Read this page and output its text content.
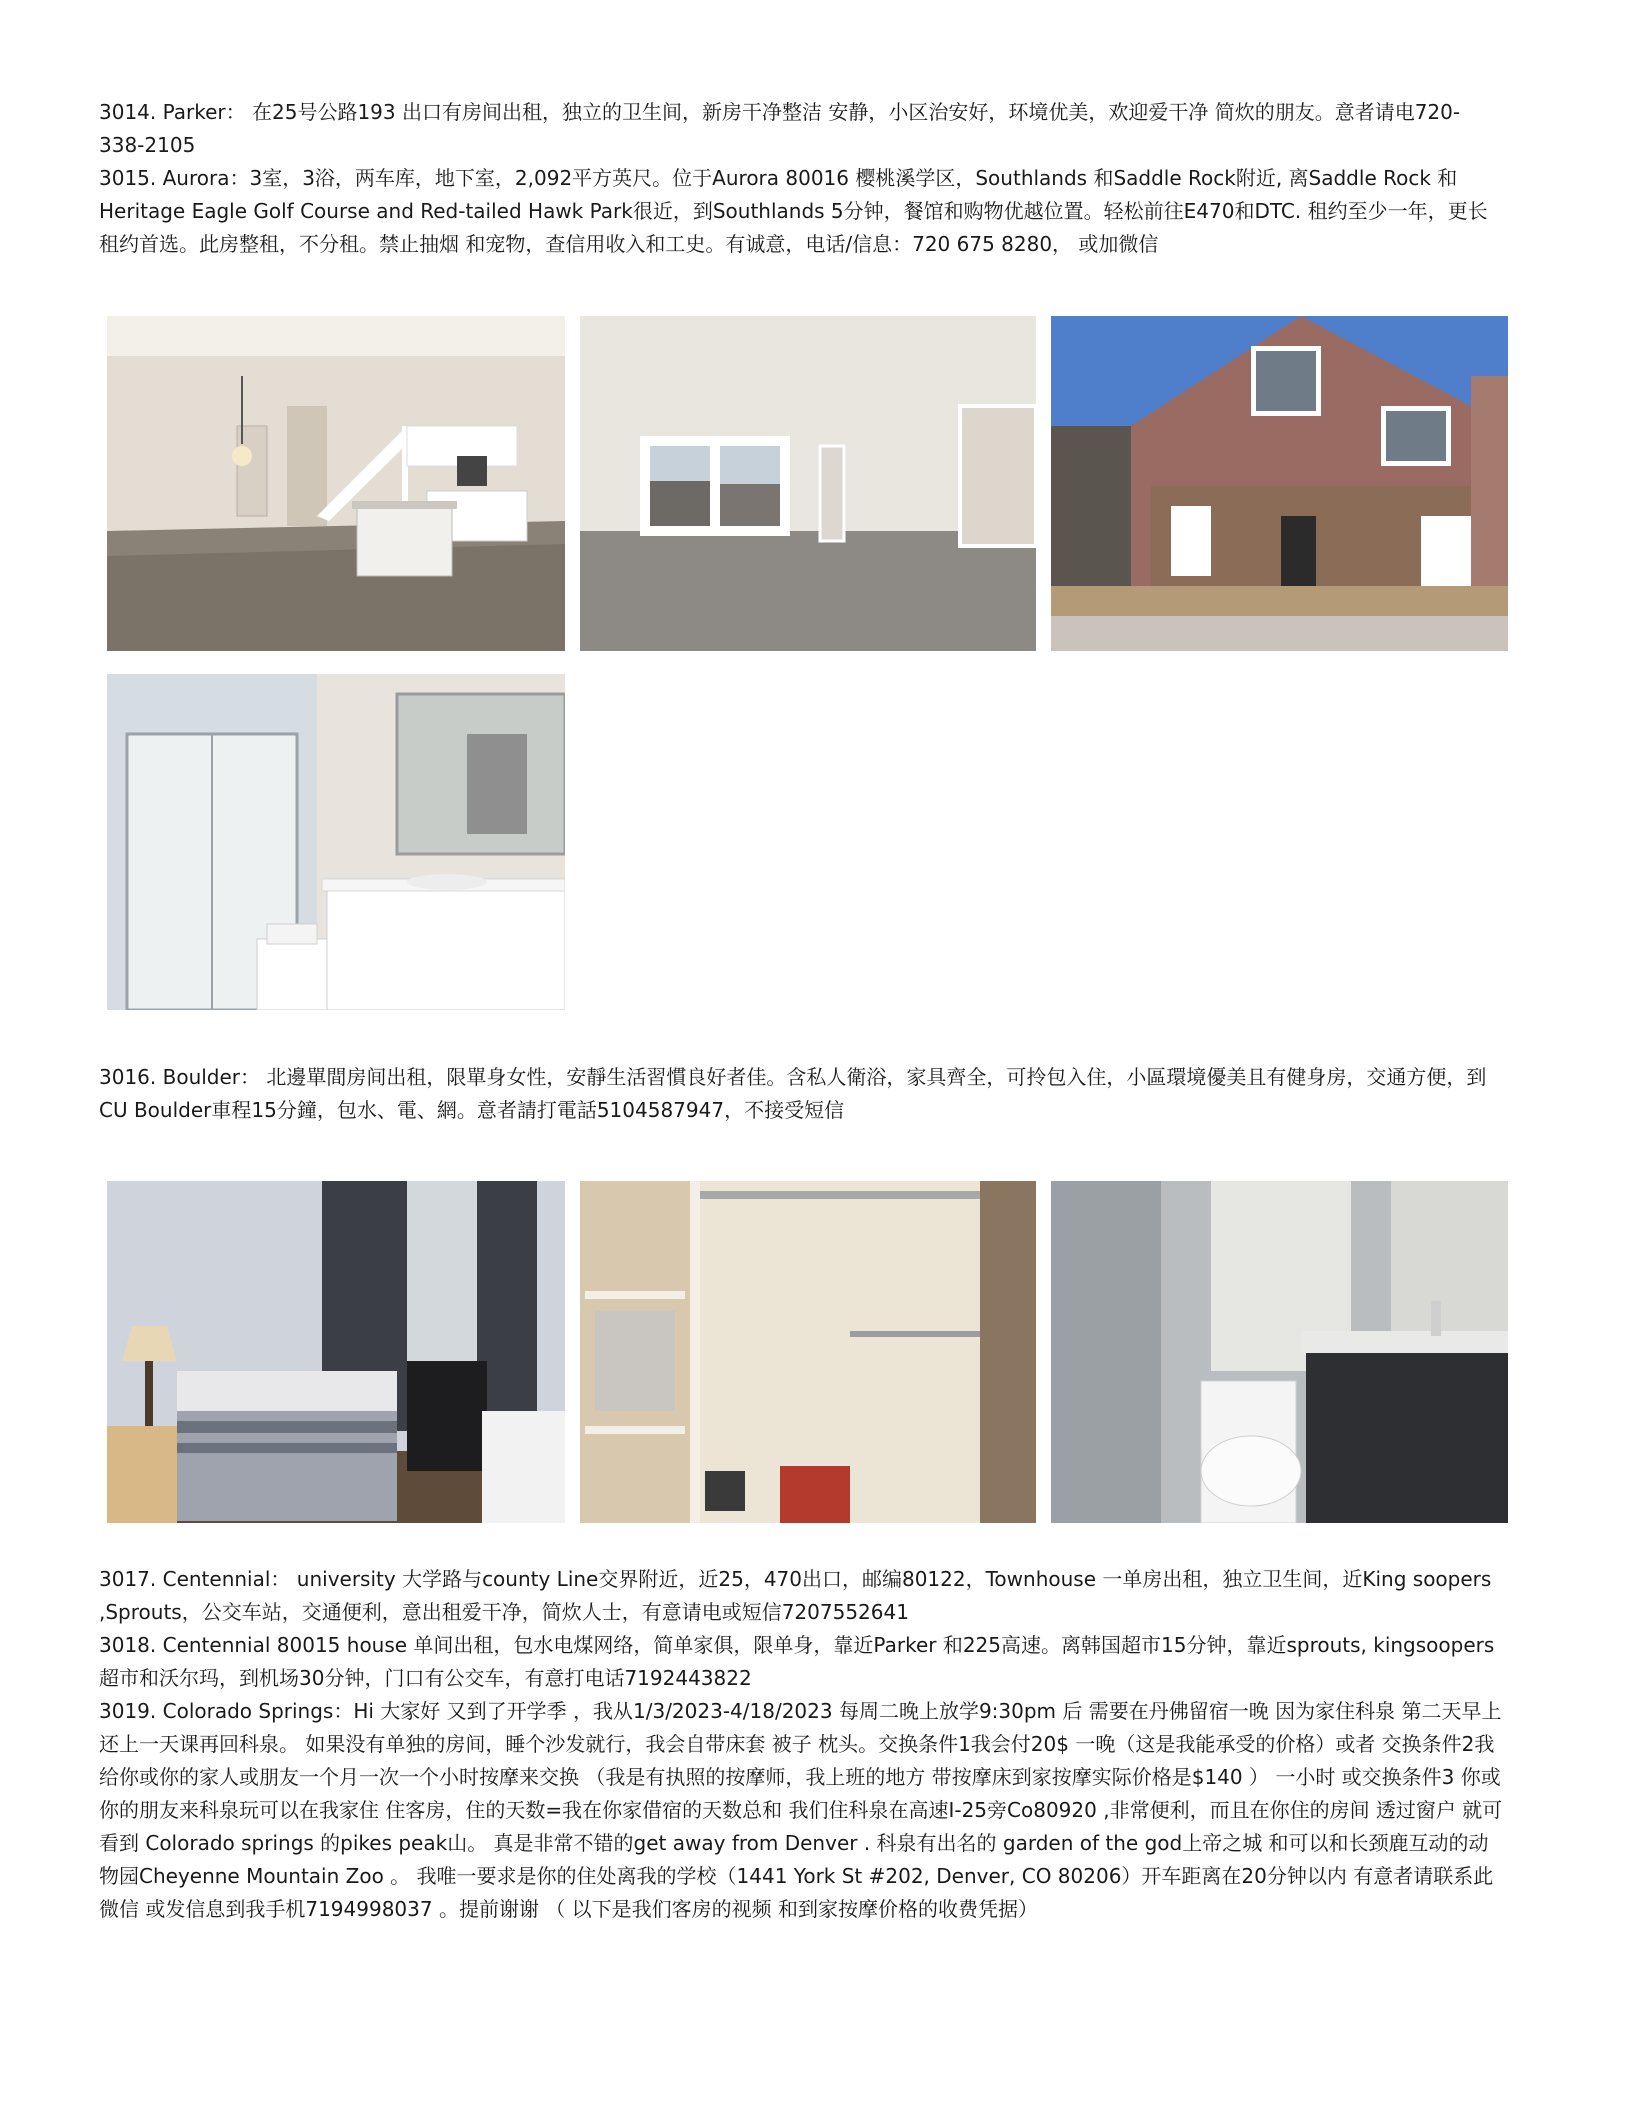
3014. Parker： 在25号公路193 出口有房间出租，独立的卫生间，新房干净整洁 安静，小区治安好，环境优美，欢迎爱干净 简炊的朋友。意者请电720-338-2105

3015. Aurora：3室，3浴，两车库，地下室，2,092平方英尺。位于Aurora 80016 樱桃溪学区，Southlands 和Saddle Rock附近, 离Saddle Rock 和 Heritage Eagle Golf Course and Red-tailed Hawk Park很近，到Southlands 5分钟，餐馆和购物优越位置。轻松前往E470和DTC. 租约至少一年，更长租约首选。此房整租，不分租。禁止抽烟 和宠物，查信用收入和工史。有诚意，电话/信息：720 675 8280， 或加微信

3016. Boulder： 北邊單間房间出租，限單身女性，安靜生活習慣良好者佳。含私人衛浴，家具齊全，可拎包入住，小區環境優美且有健身房，交通方便，到CU Boulder車程15分鐘，包水、電、網。意者請打電話5104587947，不接受短信

3017. Centennial： university 大学路与county Line交界附近，近25，470出口，邮编80122，Townhouse 一单房出租，独立卫生间，近King soopers ,Sprouts，公交车站，交通便利，意出租爱干净，简炊人士，有意请电或短信7207552641

3018. Centennial 80015 house 单间出租，包水电煤网络，简单家俱，限单身，靠近Parker 和225高速。离韩国超市15分钟，靠近sprouts, kingsoopers 超市和沃尔玛，到机场30分钟，门口有公交车，有意打电话7192443822

3019. Colorado Springs：Hi 大家好 又到了开学季 ，我从1/3/2023-4/18/2023 每周二晚上放学9:30pm 后 需要在丹佛留宿一晚 因为家住科泉 第二天早上还上一天课再回科泉。 如果没有单独的房间，睡个沙发就行，我会自带床套 被子 枕头。交换条件1我会付20$ 一晚（这是我能承受的价格）或者 交换条件2我给你或你的家人或朋友一个月一次一个小时按摩来交换 （我是有执照的按摩师，我上班的地方 带按摩床到家按摩实际价格是$140 ） 一小时 或交换条件3 你或你的朋友来科泉玩可以在我家住 住客房，住的天数=我在你家借宿的天数总和 我们住科泉在高速I-25旁Co80920 ,非常便利，而且在你住的房间 透过窗户 就可看到 Colorado springs 的pikes peak山。 真是非常不错的get away from Denver . 科泉有出名的 garden of the god上帝之城 和可以和长颈鹿互动的动物园Cheyenne Mountain Zoo 。 我唯一要求是你的住处离我的学校（1441 York St #202, Denver, CO 80206）开车距离在20分钟以内 有意者请联系此微信 或发信息到我手机7194998037 。提前谢谢 （ 以下是我们客房的视频 和到家按摩价格的收费凭据）
